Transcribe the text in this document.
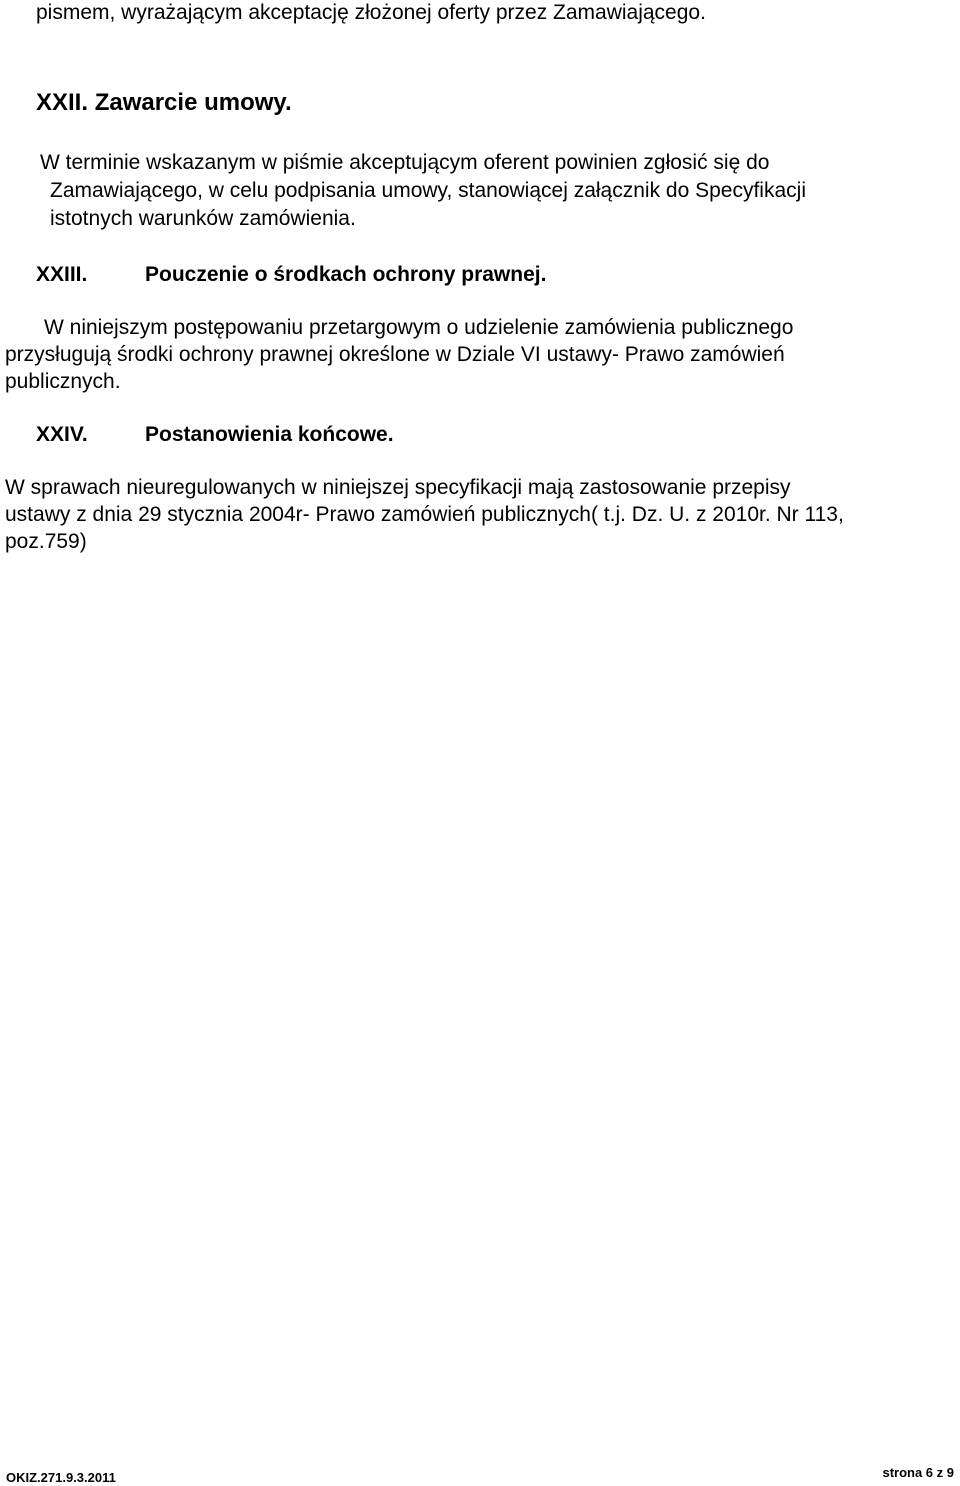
pismem, wyrażającym akceptację złożonej oferty przez Zamawiającego.
XXII. Zawarcie umowy.
W terminie wskazanym w piśmie akceptującym oferent powinien zgłosić się do
Zamawiającego, w celu podpisania umowy, stanowiącej załącznik do Specyfikacji
istotnych warunków zamówienia.
XXIII.	Pouczenie o środkach ochrony prawnej.
W niniejszym postępowaniu przetargowym o udzielenie zamówienia publicznego
przysługują środki ochrony prawnej określone w Dziale VI ustawy- Prawo zamówień
publicznych.
XXIV.	Postanowienia końcowe.
W sprawach nieuregulowanych w niniejszej specyfikacji mają zastosowanie przepisy
ustawy z dnia 29 stycznia 2004r- Prawo zamówień publicznych( t.j. Dz. U. z 2010r. Nr 113,
poz.759)
OKIZ.271.9.3.2011	strona 6 z 9
